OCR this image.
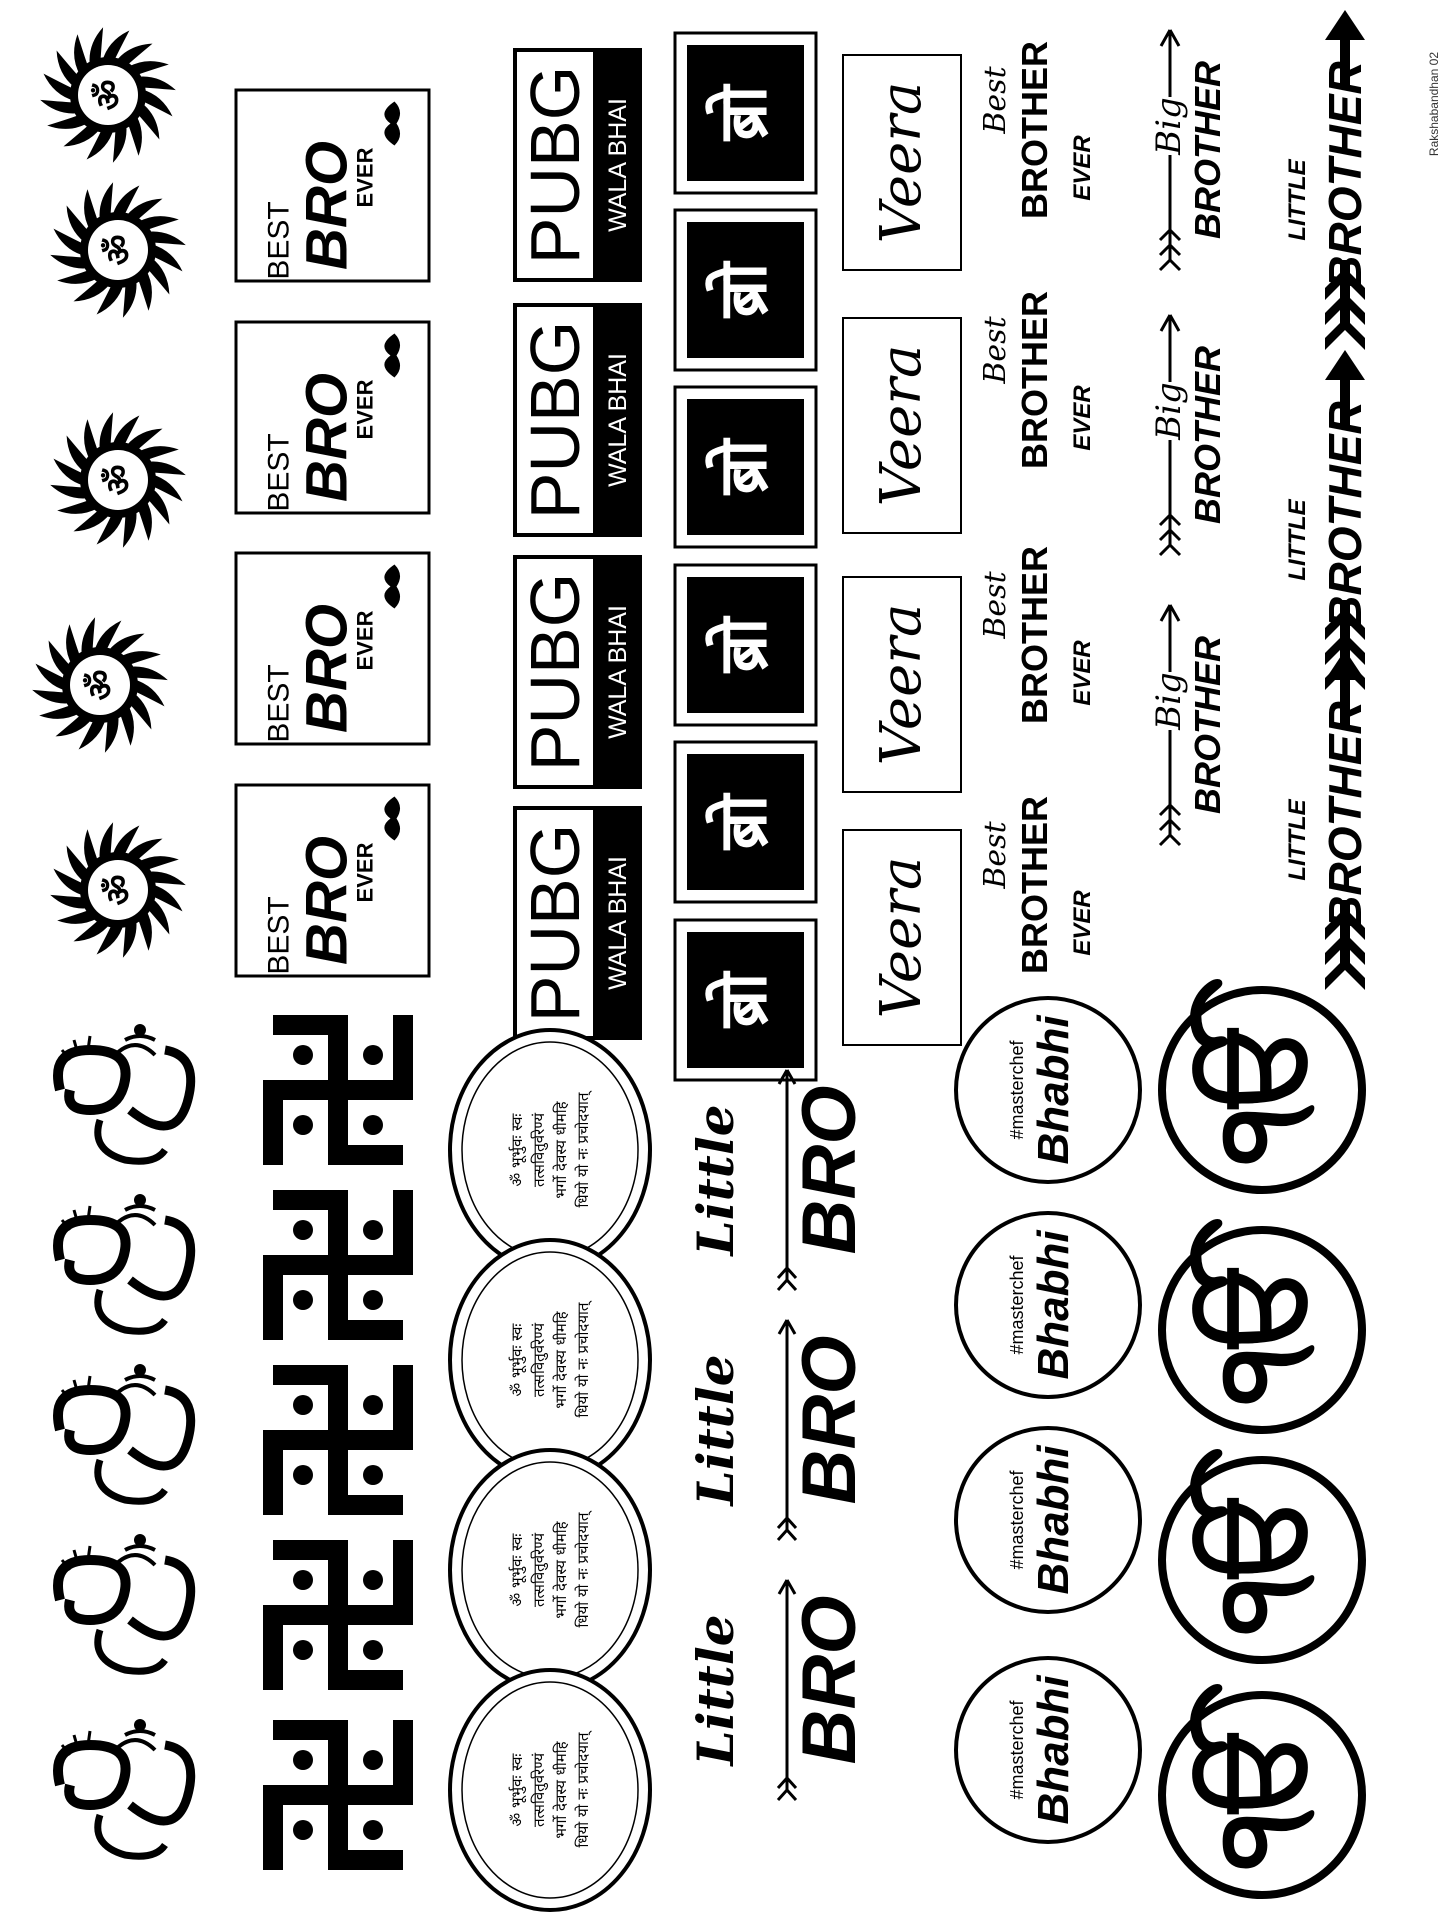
ॐ
ॐ
ॐ
ॐ
ॐ
BEST BRO
EVER
BEST BRO
EVER
BEST BRO
EVER
BEST BRO
EVER
PUBG WALA BHAI
PUBG WALA BHAI
PUBG WALA BHAI
PUBG WALA BHAI
ब्रो
ब्रो
ब्रो
ब्रो
ब्रो
ब्रो
Veera
Veera
Veera
Veera
Best BROTHER EVER
Best BROTHER EVER
Best BROTHER EVER
Best BROTHER EVER
Big
BROTHER
Big
BROTHER
Big
BROTHER
LITTLE BROTHER
LITTLE BROTHER
LITTLE BROTHER
ॐ भूर्भुवः स्वः तत्सवितुर्वरेण्यं भर्गो देवस्य धीमहि धियो यो नः प्रचोदयात्
ॐ भूर्भुवः स्वः तत्सवितुर्वरेण्यं भर्गो देवस्य धीमहि धियो यो नः प्रचोदयात्
ॐ भूर्भुवः स्वः तत्सवितुर्वरेण्यं भर्गो देवस्य धीमहि धियो यो नः प्रचोदयात्
ॐ भूर्भुवः स्वः तत्सवितुर्वरेण्यं भर्गो देवस्य धीमहि धियो यो नः प्रचोदयात्
Little BRO
Little BRO
Little BRO
#masterchef Bhabhi
#masterchef Bhabhi
#masterchef Bhabhi
#masterchef Bhabhi
ੴ
ੴ
ੴ
ੴ
Rakshabandhan 02
